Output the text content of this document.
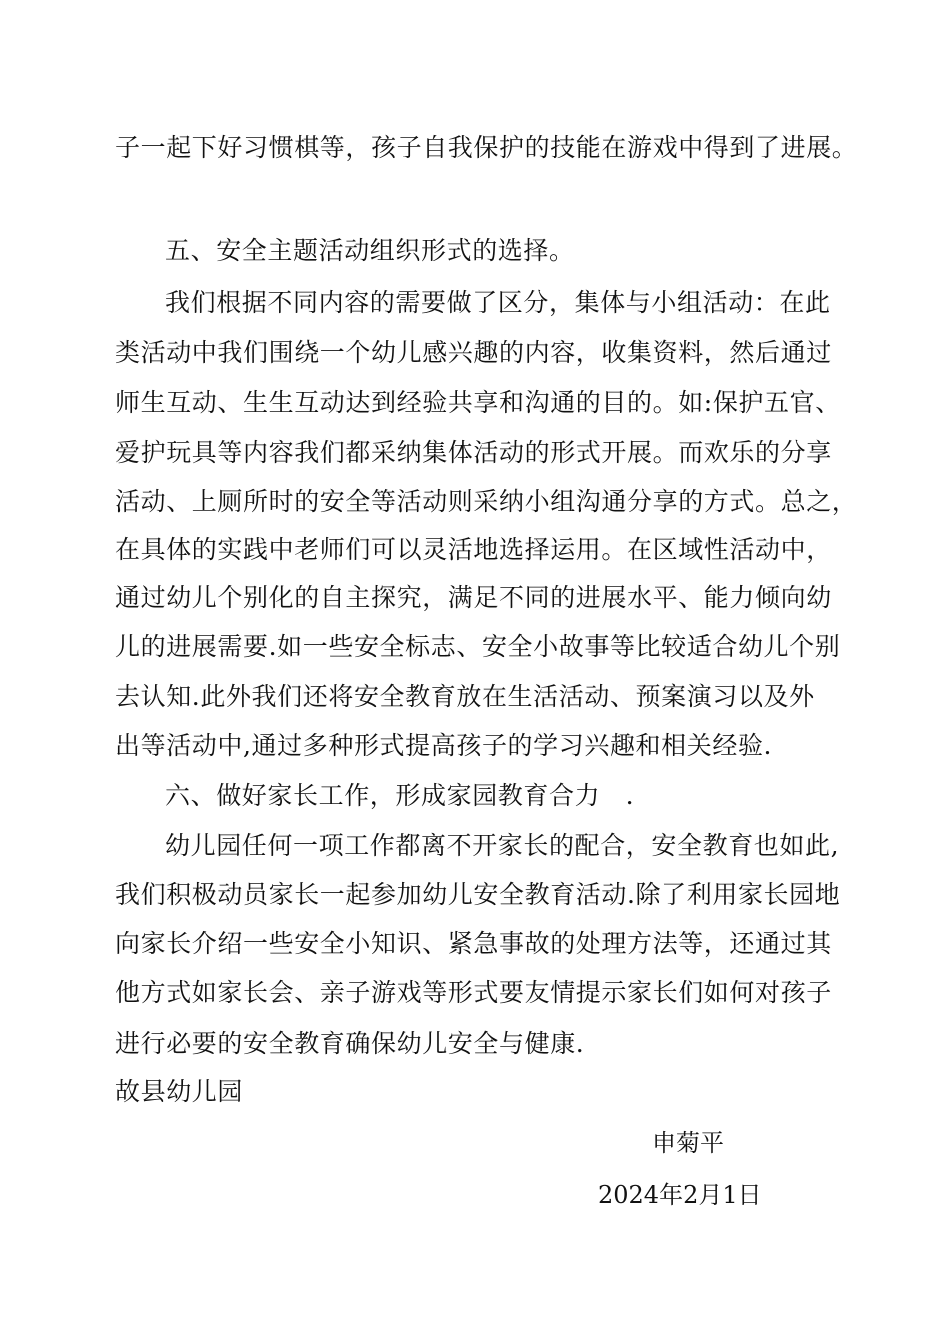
子一起下好习惯棋等，孩子自我保护的技能在游戏中得到了进展。
五、安全主题活动组织形式的选择。
我们根据不同内容的需要做了区分，集体与小组活动：在此
类活动中我们围绕一个幼儿感兴趣的内容，收集资料，然后通过
师生互动、生生互动达到经验共享和沟通的目的。如:保护五官、
爱护玩具等内容我们都采纳集体活动的形式开展。而欢乐的分享
活动、上厕所时的安全等活动则采纳小组沟通分享的方式。总之，
在具体的实践中老师们可以灵活地选择运用。在区域性活动中，
通过幼儿个别化的自主探究，满足不同的进展水平、能力倾向幼
儿的进展需要.如一些安全标志、安全小故事等比较适合幼儿个别
去认知.此外我们还将安全教育放在生活活动、预案演习以及外
出等活动中,通过多种形式提高孩子的学习兴趣和相关经验.
六、做好家长工作，形成家园教育合力　．
幼儿园任何一项工作都离不开家长的配合，安全教育也如此,
我们积极动员家长一起参加幼儿安全教育活动.除了利用家长园地
向家长介绍一些安全小知识、紧急事故的处理方法等，还通过其
他方式如家长会、亲子游戏等形式要友情提示家长们如何对孩子
进行必要的安全教育确保幼儿安全与健康.
故县幼儿园
申菊平
2024年2月1日
